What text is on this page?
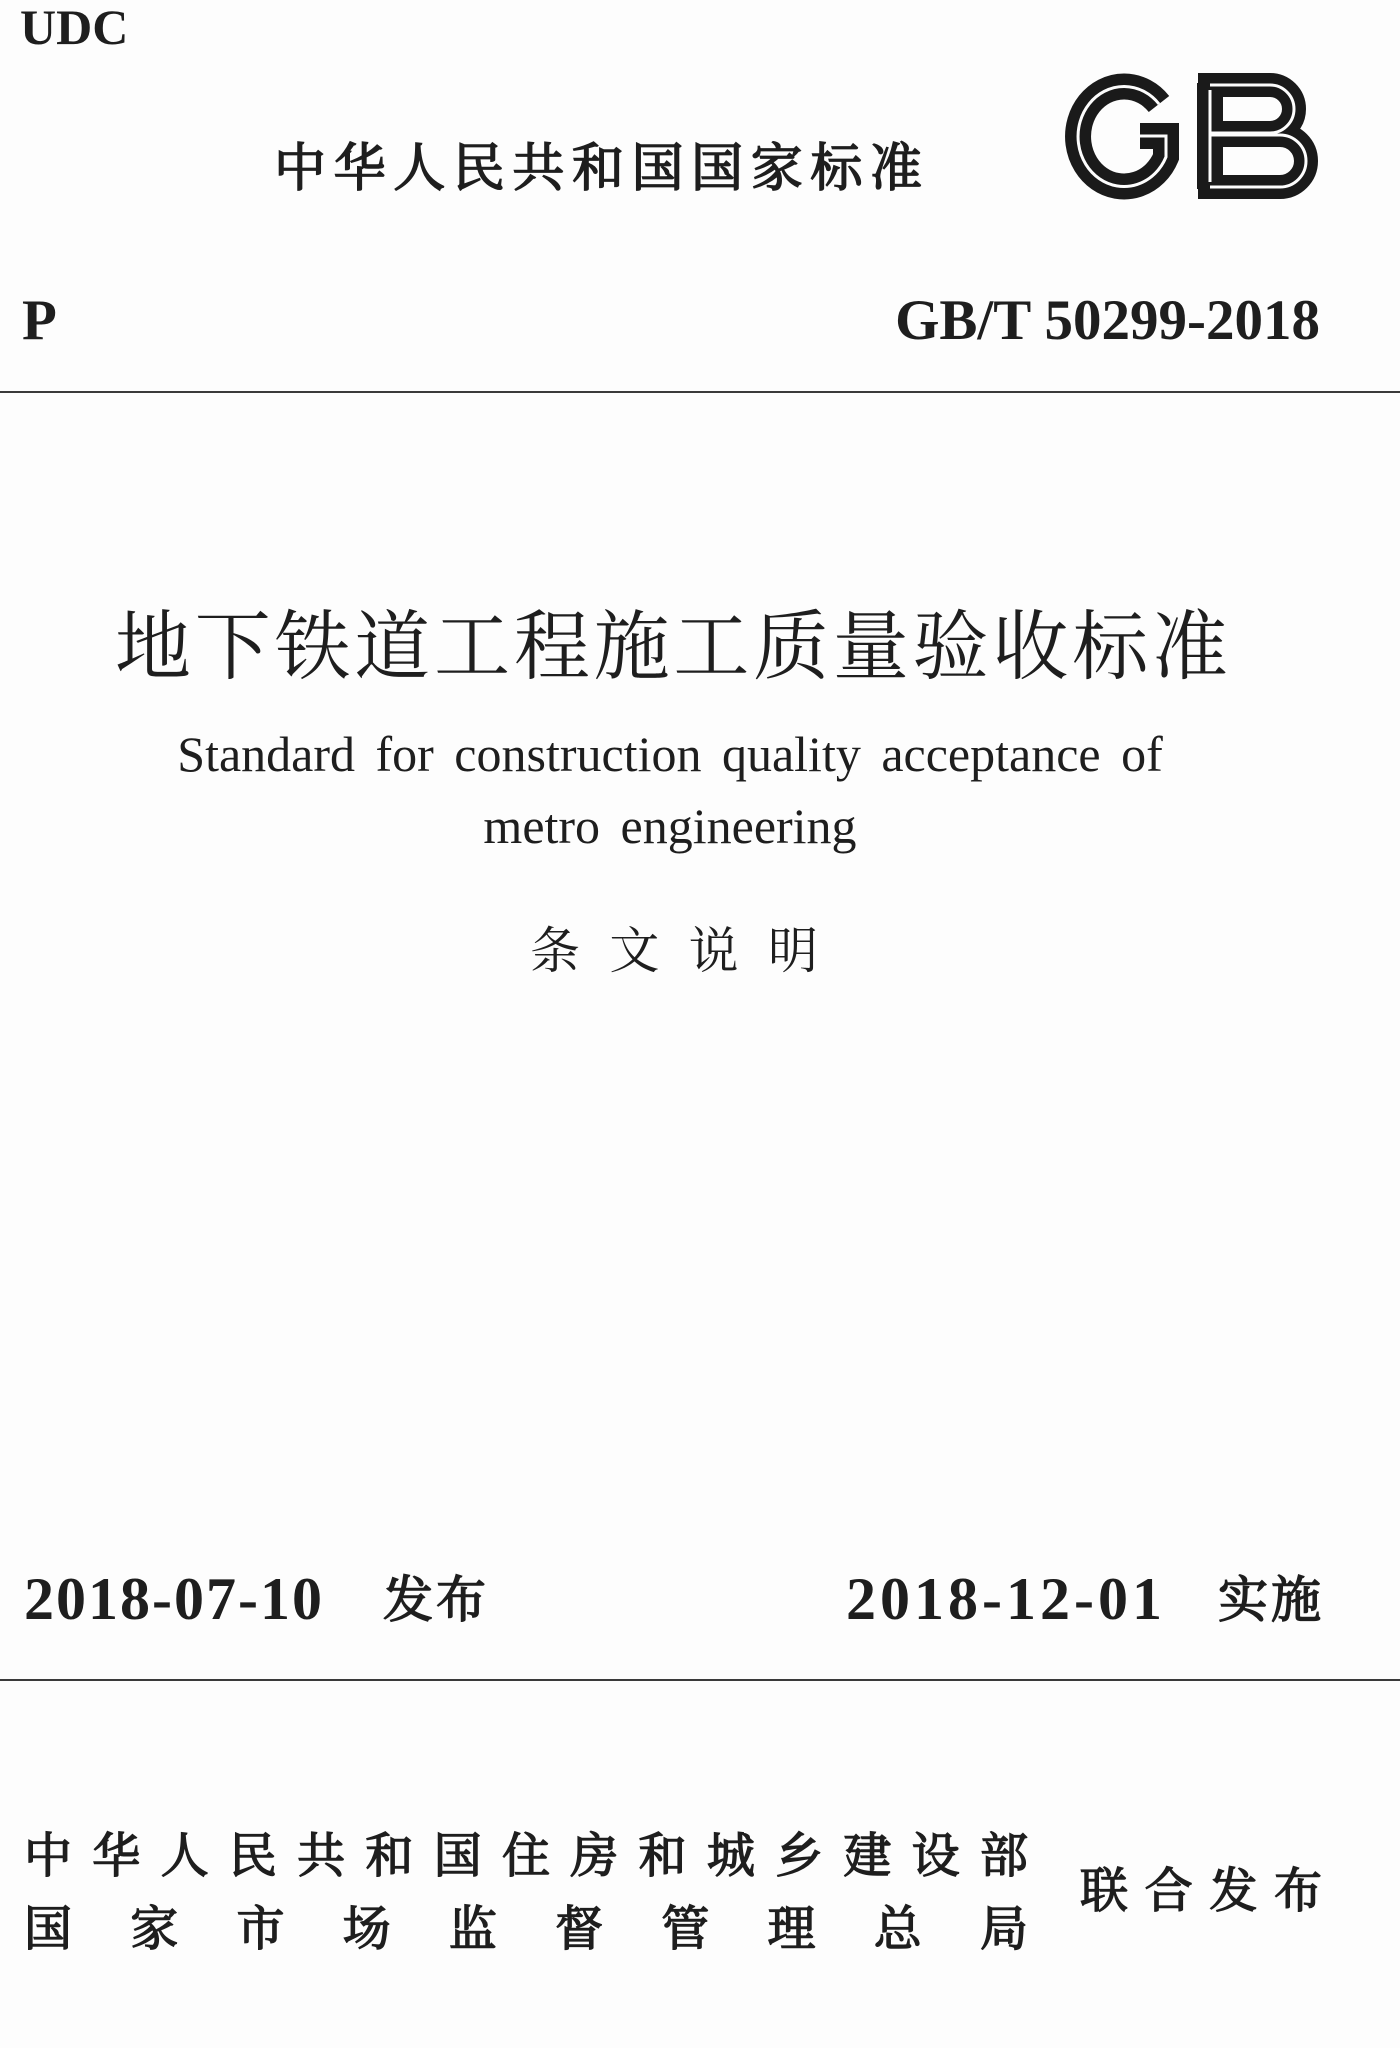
UDC
中 华 人 民 共 和 国 国 家 标 准
P	GB/T 50299-2018
地 下 铁 道 工 程 施 工 质 量 验 收 标 准
Standard for construction quality acceptance of
metro engineering
条 文 说 明
2018-07-10 发 布	2018-12-01 实 施
中 华 人 民 共 和 国 住 房 和 城 乡 建 设 部
国 家 市 场 监 督 管 理 总 局
联 合 发 布
